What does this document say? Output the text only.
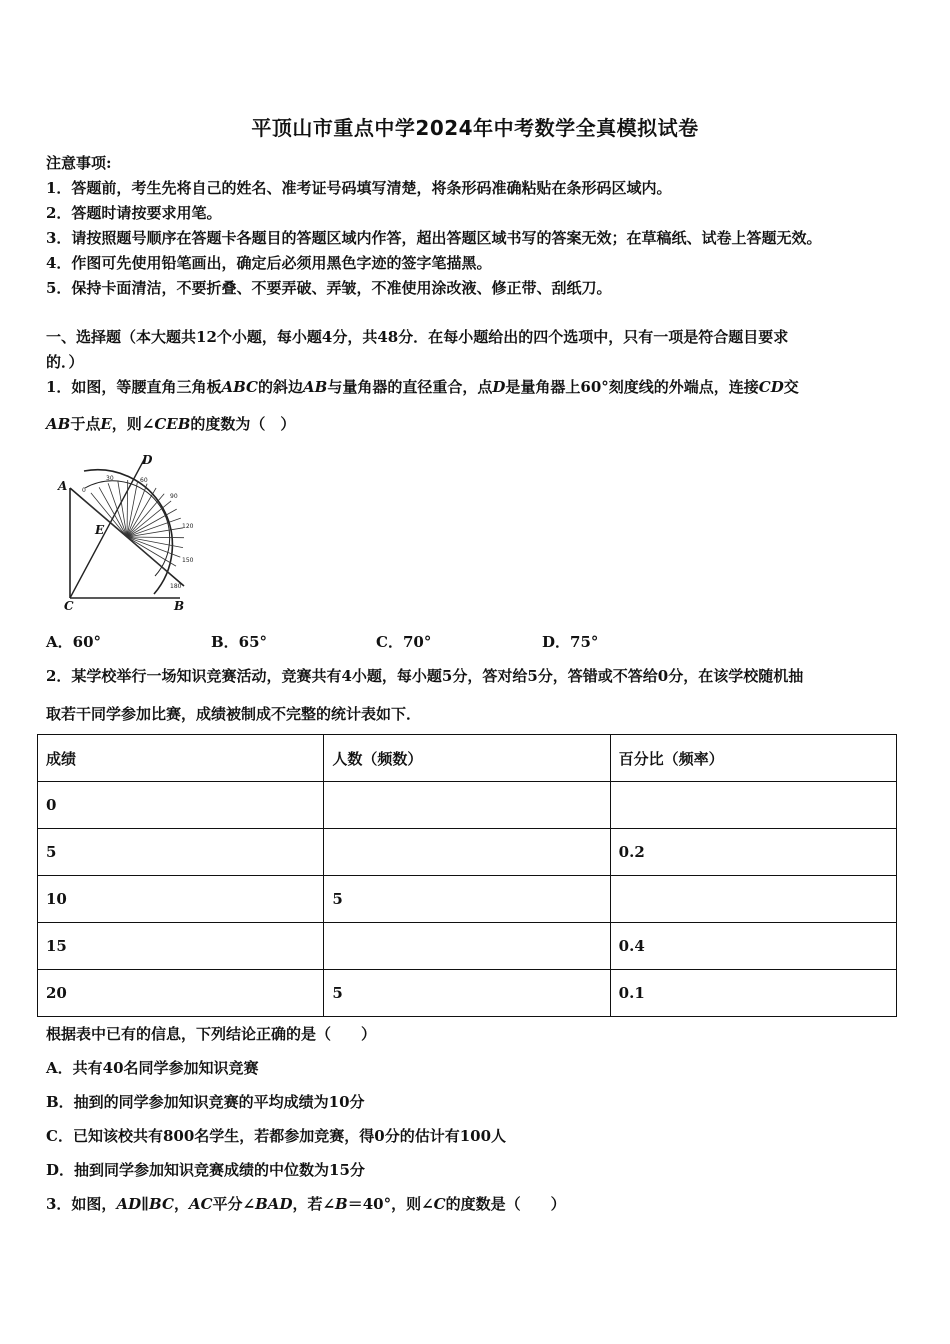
平顶山市重点中学2024年中考数学全真模拟试卷
注意事项:
1．答题前，考生先将自己的姓名、准考证号码填写清楚，将条形码准确粘贴在条形码区域内。
2．答题时请按要求用笔。
3．请按照题号顺序在答题卡各题目的答题区域内作答，超出答题区域书写的答案无效；在草稿纸、试卷上答题无效。
4．作图可先使用铅笔画出，确定后必须用黑色字迹的签字笔描黑。
5．保持卡面清洁，不要折叠、不要弄破、弄皱，不准使用涂改液、修正带、刮纸刀。
一、选择题（本大题共12个小题，每小题4分，共48分．在每小题给出的四个选项中，只有一项是符合题目要求
的．）
1．如图，等腰直角三角板ABC的斜边AB与量角器的直径重合，点D是量角器上60°刻度线的外端点，连接CD交
AB于点E，则∠CEB的度数为（　）
0
30	60
90
120
150
180
A
D
E
C	B
A．60°	B．65°	C．70°	D．75°
2．某学校举行一场知识竞赛活动，竞赛共有4小题，每小题5分，答对给5分，答错或不答给0分，在该学校随机抽
取若干同学参加比赛，成绩被制成不完整的统计表如下．
成绩	人数（频数）	百分比（频率）
0		
5		0.2
10	5	
15		0.4
20	5	0.1
根据表中已有的信息，下列结论正确的是（　　）
A．共有40名同学参加知识竞赛
B．抽到的同学参加知识竞赛的平均成绩为10分
C．已知该校共有800名学生，若都参加竞赛，得0分的估计有100人
D．抽到同学参加知识竞赛成绩的中位数为15分
3．如图，AD∥BC，AC平分∠BAD，若∠B＝40°，则∠C的度数是（　　）
